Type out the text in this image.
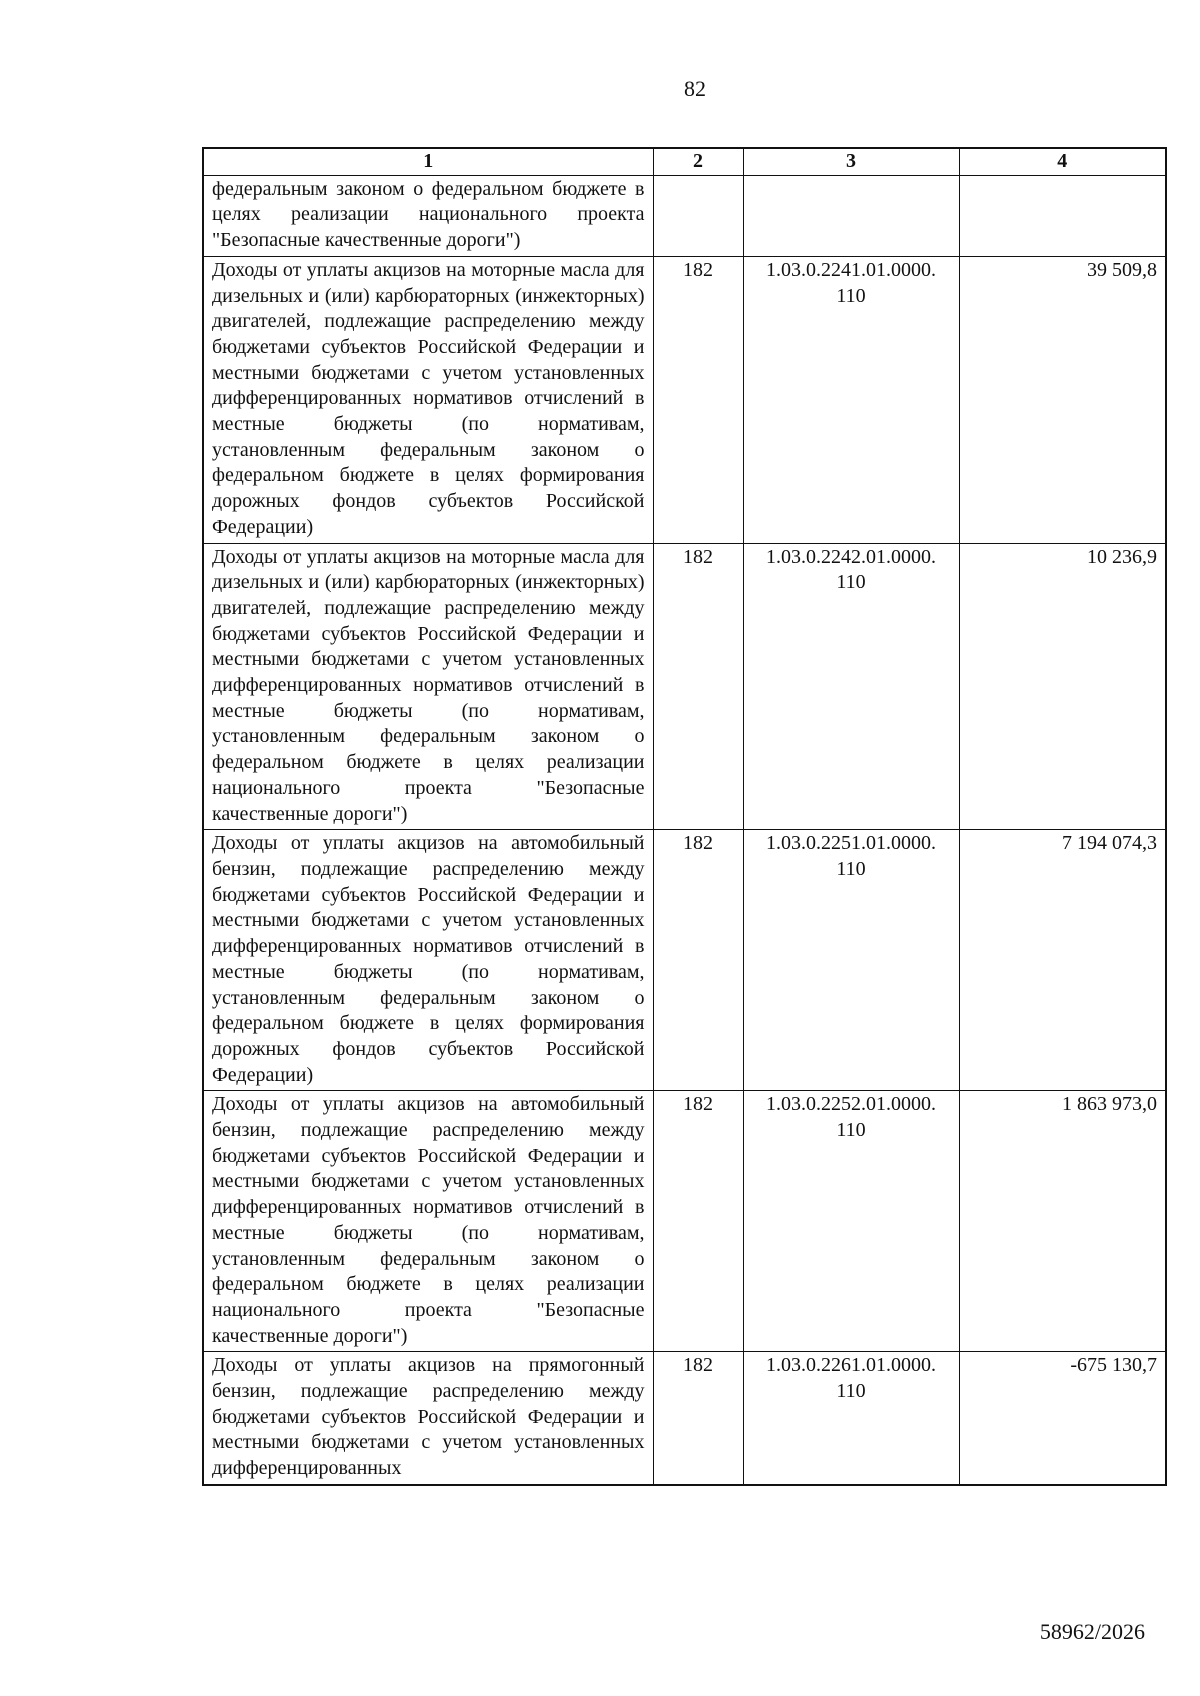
82
1	2	3	4
федеральным законом о федеральном бюджете в целях реализации национального проекта "Безопасные качественные дороги")			
Доходы от уплаты акцизов на моторные масла для дизельных и (или) карбюраторных (инжекторных) двигателей, подлежащие распределению между бюджетами субъектов Российской Федерации и местными бюджетами с учетом установленных дифференцированных нормативов отчислений в местные бюджеты (по нормативам, установленным федеральным законом о федеральном бюджете в целях формирования дорожных фондов субъектов Российской Федерации)	182	1.03.0.2241.01.0000. 110	39 509,8
Доходы от уплаты акцизов на моторные масла для дизельных и (или) карбюраторных (инжекторных) двигателей, подлежащие распределению между бюджетами субъектов Российской Федерации и местными бюджетами с учетом установленных дифференцированных нормативов отчислений в местные бюджеты (по нормативам, установленным федеральным законом о федеральном бюджете в целях реализации национального проекта "Безопасные качественные дороги")	182	1.03.0.2242.01.0000. 110	10 236,9
Доходы от уплаты акцизов на автомобильный бензин, подлежащие распределению между бюджетами субъектов Российской Федерации и местными бюджетами с учетом установленных дифференцированных нормативов отчислений в местные бюджеты (по нормативам, установленным федеральным законом о федеральном бюджете в целях формирования дорожных фондов субъектов Российской Федерации)	182	1.03.0.2251.01.0000. 110	7 194 074,3
Доходы от уплаты акцизов на автомобильный бензин, подлежащие распределению между бюджетами субъектов Российской Федерации и местными бюджетами с учетом установленных дифференцированных нормативов отчислений в местные бюджеты (по нормативам, установленным федеральным законом о федеральном бюджете в целях реализации национального проекта "Безопасные качественные дороги")	182	1.03.0.2252.01.0000. 110	1 863 973,0
Доходы от уплаты акцизов на прямогонный бензин, подлежащие распределению между бюджетами субъектов Российской Федерации и местными бюджетами с учетом установленных дифференцированных	182	1.03.0.2261.01.0000. 110	-675 130,7
58962/2026
